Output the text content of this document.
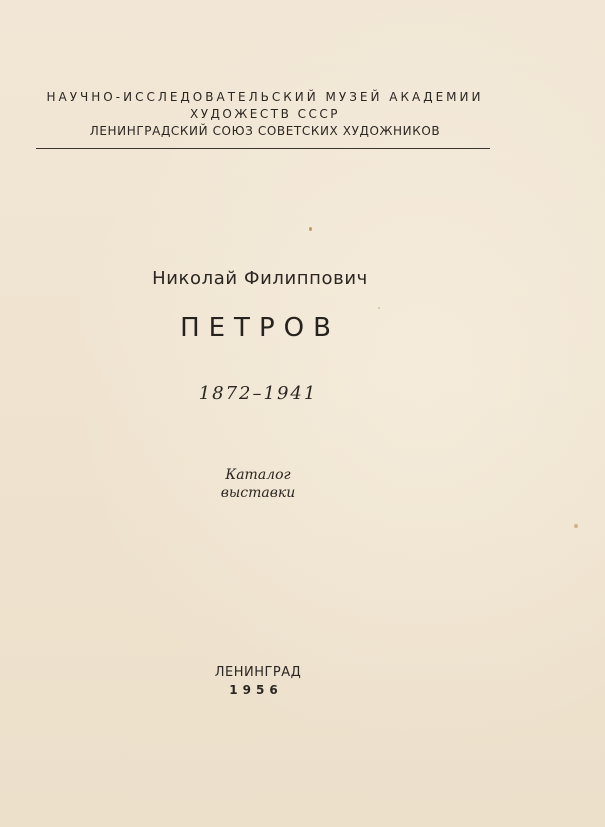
НАУЧНО-ИССЛЕДОВАТЕЛЬСКИЙ МУЗЕЙ АКАДЕМИИ
ХУДОЖЕСТВ СССР
ЛЕНИНГРАДСКИЙ СОЮЗ СОВЕТСКИХ ХУДОЖНИКОВ
Николай Филиппович
ПЕТРОВ
1872–1941
Каталог
выставки
ЛЕНИНГРАД
1956
